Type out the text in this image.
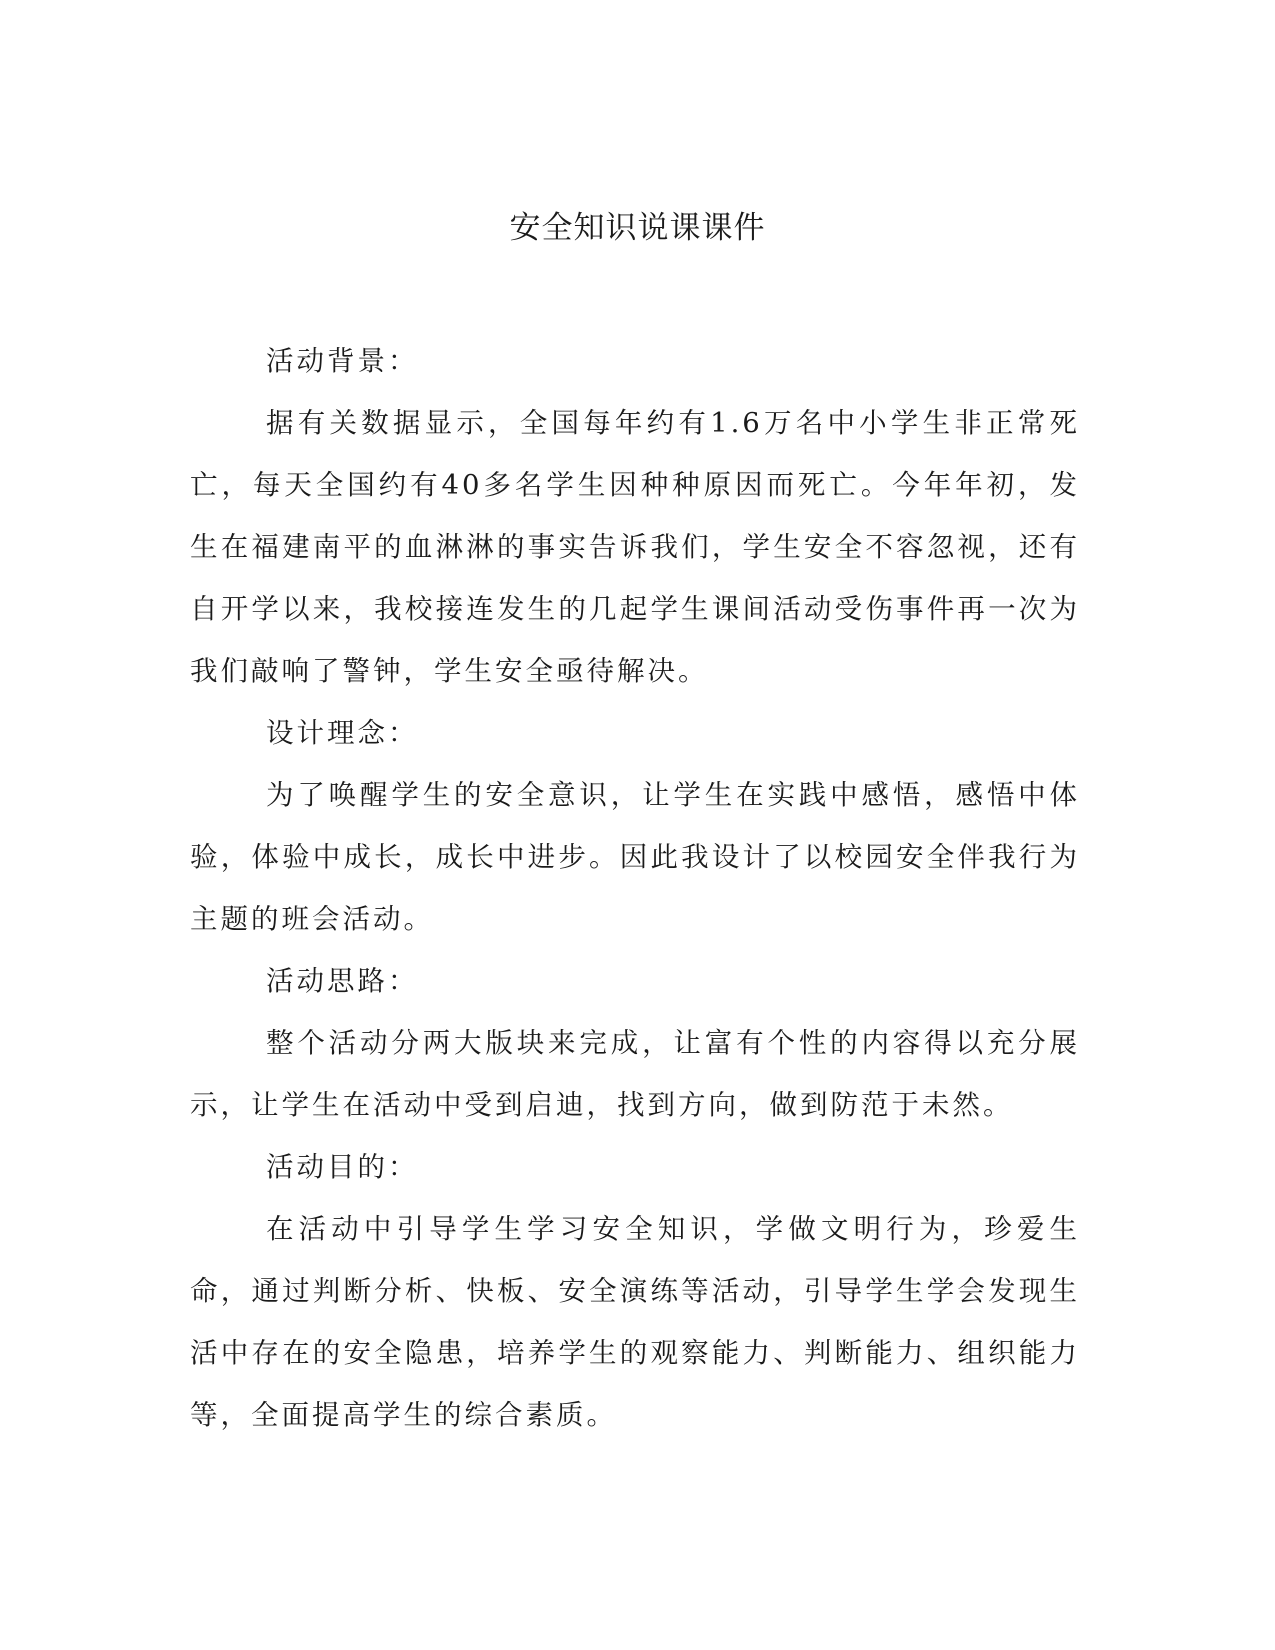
安全知识说课课件

活动背景：

据有关数据显示，全国每年约有1.6万名中小学生非正常死亡，每天全国约有40多名学生因种种原因而死亡。今年年初，发生在福建南平的血淋淋的事实告诉我们，学生安全不容忽视，还有自开学以来，我校接连发生的几起学生课间活动受伤事件再一次为我们敲响了警钟，学生安全亟待解决。

设计理念：

为了唤醒学生的安全意识，让学生在实践中感悟，感悟中体验，体验中成长，成长中进步。因此我设计了以校园安全伴我行为主题的班会活动。

活动思路：

整个活动分两大版块来完成，让富有个性的内容得以充分展示，让学生在活动中受到启迪，找到方向，做到防范于未然。

活动目的：

在活动中引导学生学习安全知识，学做文明行为，珍爱生命，通过判断分析、快板、安全演练等活动，引导学生学会发现生活中存在的安全隐患，培养学生的观察能力、判断能力、组织能力等，全面提高学生的综合素质。
